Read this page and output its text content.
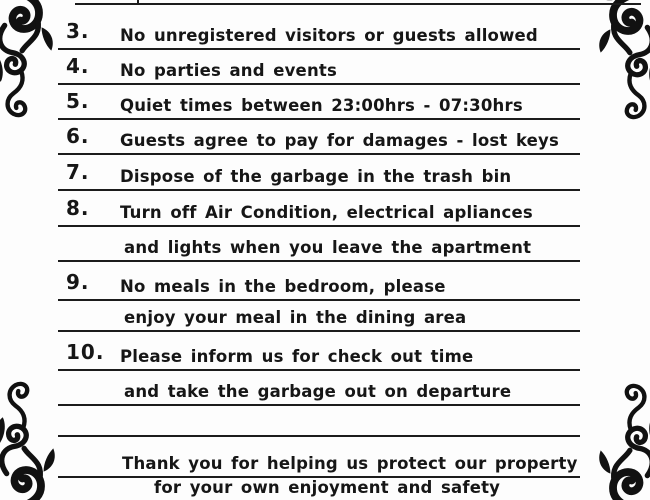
3.	No unregistered visitors or guests allowed
4.	No parties and events
5.	Quiet times between 23:00hrs - 07:30hrs
6.	Guests agree to pay for damages - lost keys
7.	Dispose of the garbage in the trash bin
8.	Turn off Air Condition, electrical apliances
and lights when you leave the apartment
9.	No meals in the bedroom, please
enjoy your meal in the dining area
10. Please inform us for check out time
and take the garbage out on departure
Thank you for helping us protect our property
for your own enjoyment and safety
